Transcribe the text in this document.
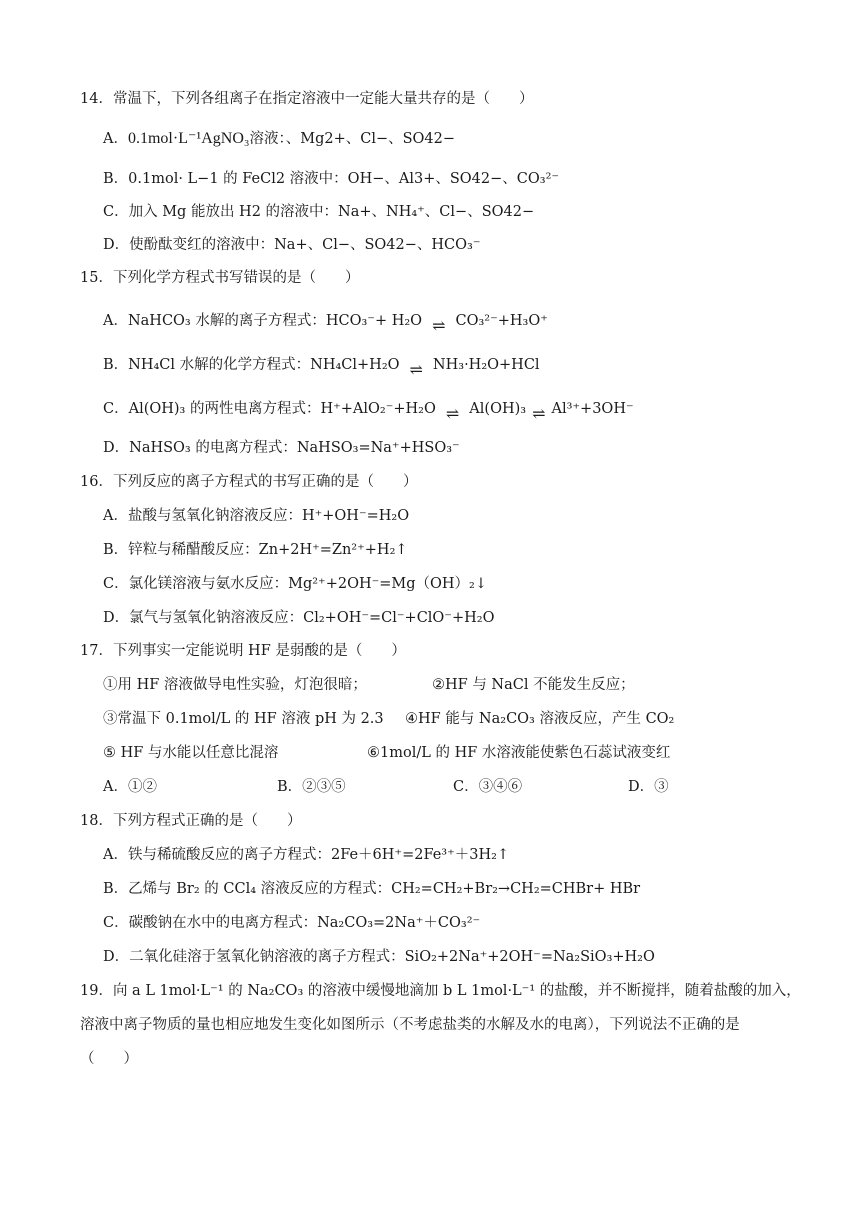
14．常温下，下列各组离子在指定溶液中一定能大量共存的是（　　）
A．0.1mol·L⁻¹AgNO₃溶液：、Mg2+、Cl−、SO42−
B．0.1mol· L−1 的 FeCl2 溶液中：OH−、Al3+、SO42−、CO₃²⁻
C．加入 Mg 能放出 H2 的溶液中：Na+、NH₄⁺、Cl−、SO42−
D．使酚酞变红的溶液中：Na+、Cl−、SO42−、HCO₃⁻
15．下列化学方程式书写错误的是（　　）
A．NaHCO₃ 水解的离子方程式：HCO₃⁻+ H₂O ⇌ CO₃²⁻+H₃O⁺
B．NH₄Cl 水解的化学方程式：NH₄Cl+H₂O ⇌ NH₃·H₂O+HCl
C．Al(OH)₃ 的两性电离方程式：H⁺+AlO₂⁻+H₂O ⇌ Al(OH)₃ ⇌ Al³⁺+3OH⁻
D．NaHSO₃ 的电离方程式：NaHSO₃=Na⁺+HSO₃⁻
16．下列反应的离子方程式的书写正确的是（　　）
A．盐酸与氢氧化钠溶液反应：H⁺+OH⁻=H₂O
B．锌粒与稀醋酸反应：Zn+2H⁺=Zn²⁺+H₂↑
C．氯化镁溶液与氨水反应：Mg²⁺+2OH⁻=Mg（OH）₂↓
D．氯气与氢氧化钠溶液反应：Cl₂+OH⁻=Cl⁻+ClO⁻+H₂O
17．下列事实一定能说明 HF 是弱酸的是（　　）
①用 HF 溶液做导电性实验，灯泡很暗；	②HF 与 NaCl 不能发生反应；
③常温下 0.1mol/L 的 HF 溶液 pH 为 2.3 ④HF 能与 Na₂CO₃ 溶液反应，产生 CO₂
⑤ HF 与水能以任意比混溶	⑥1mol/L 的 HF 水溶液能使紫色石蕊试液变红
A．①②	B．②③⑤	C．③④⑥	D．③
18．下列方程式正确的是（　　）
A．铁与稀硫酸反应的离子方程式：2Fe＋6H⁺=2Fe³⁺＋3H₂↑
B．乙烯与 Br₂ 的 CCl₄ 溶液反应的方程式：CH₂=CH₂+Br₂→CH₂=CHBr+ HBr
C．碳酸钠在水中的电离方程式：Na₂CO₃=2Na⁺＋CO₃²⁻
D．二氧化硅溶于氢氧化钠溶液的离子方程式：SiO₂+2Na⁺+2OH⁻=Na₂SiO₃+H₂O
19．向 a L 1mol·L⁻¹ 的 Na₂CO₃ 的溶液中缓慢地滴加 b L 1mol·L⁻¹ 的盐酸，并不断搅拌，随着盐酸的加入，
溶液中离子物质的量也相应地发生变化如图所示（不考虑盐类的水解及水的电离），下列说法不正确的是
（　　）
